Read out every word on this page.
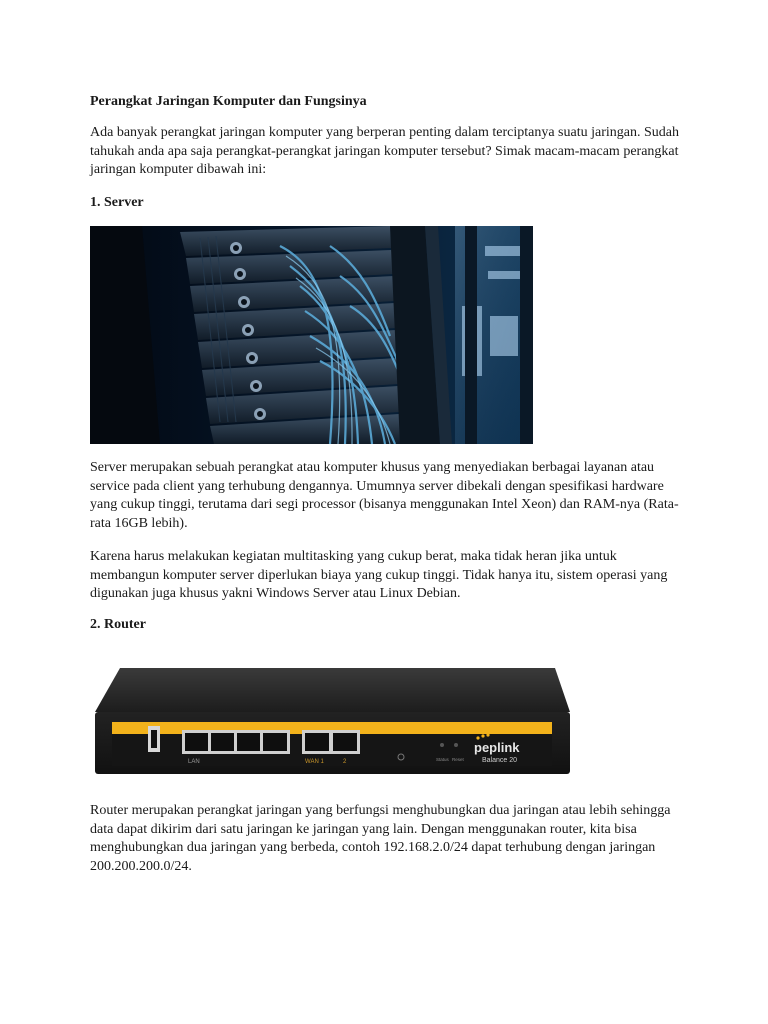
Perangkat Jaringan Komputer dan Fungsinya

Ada banyak perangkat jaringan komputer yang berperan penting dalam terciptanya suatu jaringan. Sudah tahukah anda apa saja perangkat-perangkat jaringan komputer tersebut? Simak macam-macam perangkat jaringan komputer dibawah ini:

1. Server

Server merupakan sebuah perangkat atau komputer khusus yang menyediakan berbagai layanan atau service pada client yang terhubung dengannya. Umumnya server dibekali dengan spesifikasi hardware yang cukup tinggi, terutama dari segi processor (bisanya menggunakan Intel Xeon) dan RAM-nya (Rata-rata 16GB lebih).

Karena harus melakukan kegiatan multitasking yang cukup berat, maka tidak heran jika untuk membangun komputer server diperlukan biaya yang cukup tinggi. Tidak hanya itu, sistem operasi yang digunakan juga khusus yakni Windows Server atau Linux Debian.

2. Router

LAN	WAN 1	2	Status Reset
peplink
Balance 20

Router merupakan perangkat jaringan yang berfungsi menghubungkan dua jaringan atau lebih sehingga data dapat dikirim dari satu jaringan ke jaringan yang lain. Dengan menggunakan router, kita bisa menghubungkan dua jaringan yang berbeda, contoh 192.168.2.0/24 dapat terhubung dengan jaringan 200.200.200.0/24.
